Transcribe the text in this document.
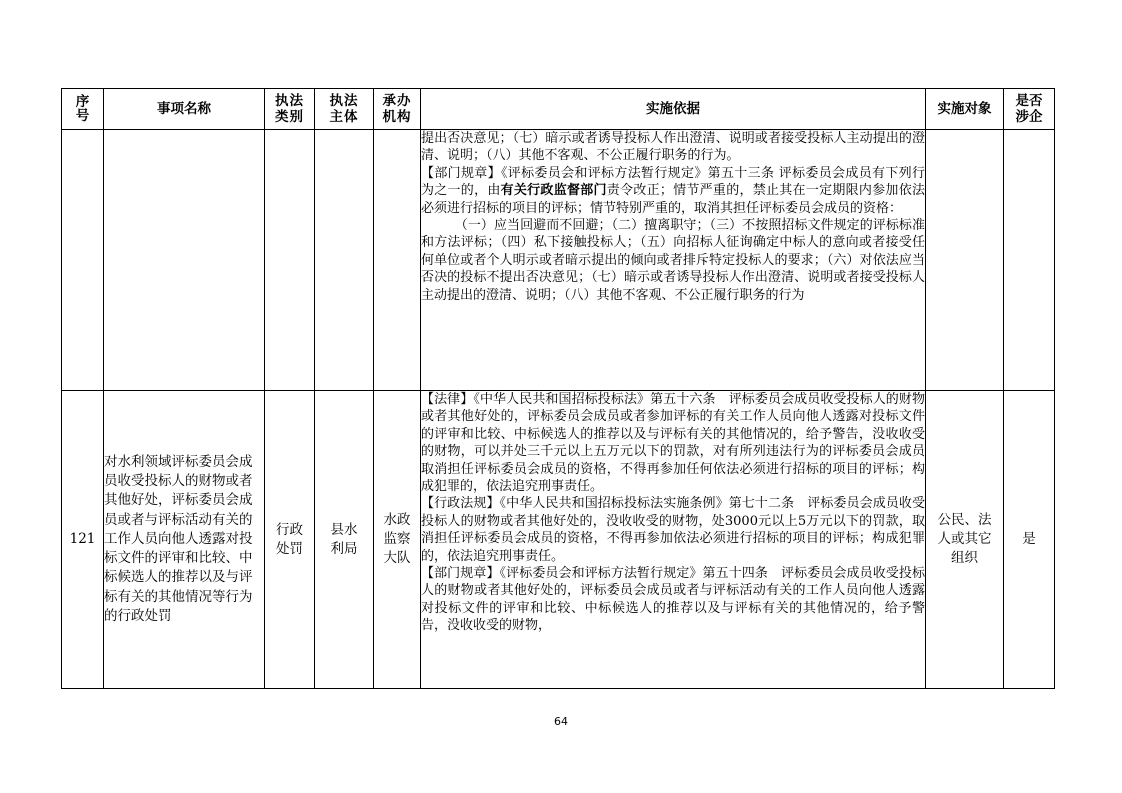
序号	事项名称	执法类别	执法主体	承办机构	实施依据	实施对象	是否涉企

					提出否决意见；（七）暗示或者诱导投标人作出澄清、说明或者接受投标人主动提出的澄清、说明；（八）其他不客观、不公正履行职务的行为。

【部门规章】《评标委员会和评标方法暂行规定》第五十三条 评标委员会成员有下列行为之一的，由有关行政监督部门责令改正；情节严重的，禁止其在一定期限内参加依法必须进行招标的项目的评标；情节特别严重的，取消其担任评标委员会成员的资格：

（一）应当回避而不回避；（二）擅离职守；（三）不按照招标文件规定的评标标准和方法评标；（四）私下接触投标人；（五）向招标人征询确定中标人的意向或者接受任何单位或者个人明示或者暗示提出的倾向或者排斥特定投标人的要求；（六）对依法应当否决的投标不提出否决意见；（七）暗示或者诱导投标人作出澄清、说明或者接受投标人主动提出的澄清、说明；（八）其他不客观、不公正履行职务的行为		

121	对水利领域评标委员会成员收受投标人的财物或者其他好处，评标委员会成员或者与评标活动有关的工作人员向他人透露对投标文件的评审和比较、中标候选人的推荐以及与评标有关的其他情况等行为的行政处罚	行政处罚	县水利局	水政监察大队	【法律】《中华人民共和国招标投标法》第五十六条　评标委员会成员收受投标人的财物或者其他好处的，评标委员会成员或者参加评标的有关工作人员向他人透露对投标文件的评审和比较、中标候选人的推荐以及与评标有关的其他情况的，给予警告，没收收受的财物，可以并处三千元以上五万元以下的罚款，对有所列违法行为的评标委员会成员取消担任评标委员会成员的资格，不得再参加任何依法必须进行招标的项目的评标；构成犯罪的，依法追究刑事责任。

【行政法规】《中华人民共和国招标投标法实施条例》第七十二条　评标委员会成员收受投标人的财物或者其他好处的，没收收受的财物，处3000元以上5万元以下的罚款，取消担任评标委员会成员的资格，不得再参加依法必须进行招标的项目的评标；构成犯罪的，依法追究刑事责任。

【部门规章】《评标委员会和评标方法暂行规定》第五十四条　评标委员会成员收受投标人的财物或者其他好处的，评标委员会成员或者与评标活动有关的工作人员向他人透露对投标文件的评审和比较、中标候选人的推荐以及与评标有关的其他情况的，给予警告，没收收受的财物，	公民、法人或其它组织	是
64
